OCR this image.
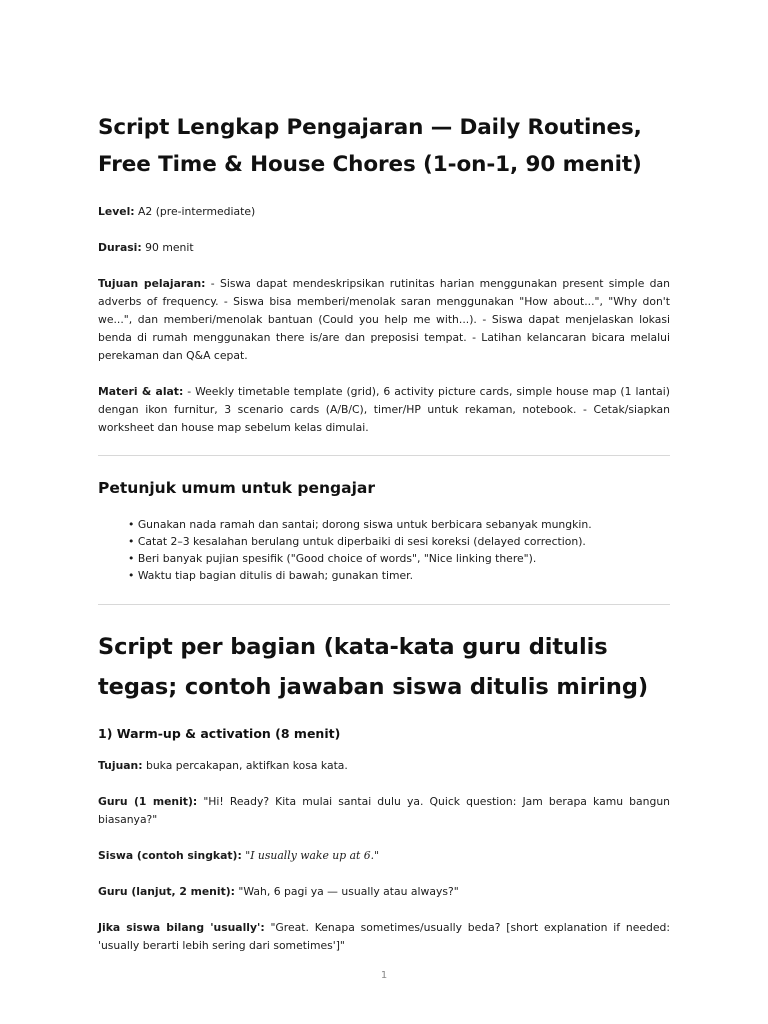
Script Lengkap Pengajaran — Daily Routines, Free Time & House Chores (1-on-1, 90 menit)

Level: A2 (pre-intermediate)

Durasi: 90 menit

Tujuan pelajaran: - Siswa dapat mendeskripsikan rutinitas harian menggunakan present simple dan adverbs of frequency. - Siswa bisa memberi/menolak saran menggunakan "How about...", "Why don't we...", dan memberi/menolak bantuan (Could you help me with...). - Siswa dapat menjelaskan lokasi benda di rumah menggunakan there is/are dan preposisi tempat. - Latihan kelancaran bicara melalui perekaman dan Q&A cepat.

Materi & alat: - Weekly timetable template (grid), 6 activity picture cards, simple house map (1 lantai) dengan ikon furnitur, 3 scenario cards (A/B/C), timer/HP untuk rekaman, notebook. - Cetak/siapkan worksheet dan house map sebelum kelas dimulai.

Petunjuk umum untuk pengajar
• Gunakan nada ramah dan santai; dorong siswa untuk berbicara sebanyak mungkin.
• Catat 2–3 kesalahan berulang untuk diperbaiki di sesi koreksi (delayed correction).
• Beri banyak pujian spesifik ("Good choice of words", "Nice linking there").
• Waktu tiap bagian ditulis di bawah; gunakan timer.
Script per bagian (kata-kata guru ditulis tegas; contoh jawaban siswa ditulis miring)
1) Warm-up & activation (8 menit)

Tujuan: buka percakapan, aktifkan kosa kata.

Guru (1 menit): "Hi! Ready? Kita mulai santai dulu ya. Quick question: Jam berapa kamu bangun biasanya?"

Siswa (contoh singkat): "I usually wake up at 6."

Guru (lanjut, 2 menit): "Wah, 6 pagi ya — usually atau always?"

Jika siswa bilang 'usually': "Great. Kenapa sometimes/usually beda? [short explanation if needed: 'usually berarti lebih sering dari sometimes']"

1
